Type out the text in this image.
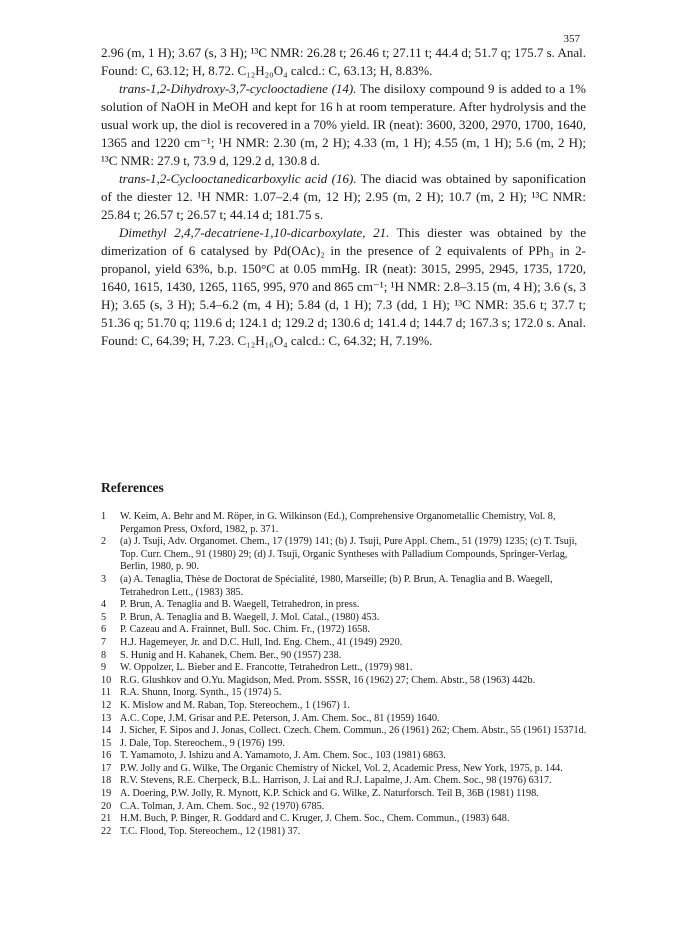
357

2.96 (m, 1 H); 3.67 (s, 3 H); ¹³C NMR: 26.28 t; 26.46 t; 27.11 t; 44.4 d; 51.7 q; 175.7 s. Anal. Found: C, 63.12; H, 8.72. C₁₂H₂₀O₄ calcd.: C, 63.13; H, 8.83%.

trans-1,2-Dihydroxy-3,7-cyclooctadiene (14). The disiloxy compound 9 is added to a 1% solution of NaOH in MeOH and kept for 16 h at room temperature. After hydrolysis and the usual work up, the diol is recovered in a 70% yield. IR (neat): 3600, 3200, 2970, 1700, 1640, 1365 and 1220 cm⁻¹; ¹H NMR: 2.30 (m, 2 H); 4.33 (m, 1 H); 4.55 (m, 1 H); 5.6 (m, 2 H); ¹³C NMR: 27.9 t, 73.9 d, 129.2 d, 130.8 d.

trans-1,2-Cyclooctanedicarboxylic acid (16). The diacid was obtained by saponification of the diester 12. ¹H NMR: 1.07–2.4 (m, 12 H); 2.95 (m, 2 H); 10.7 (m, 2 H); ¹³C NMR: 25.84 t; 26.57 t; 26.57 t; 44.14 d; 181.75 s.

Dimethyl 2,4,7-decatriene-1,10-dicarboxylate, 21. This diester was obtained by the dimerization of 6 catalysed by Pd(OAc)₂ in the presence of 2 equivalents of PPh₃ in 2-propanol, yield 63%, b.p. 150°C at 0.05 mmHg. IR (neat): 3015, 2995, 2945, 1735, 1720, 1640, 1615, 1430, 1265, 1165, 995, 970 and 865 cm⁻¹; ¹H NMR: 2.8–3.15 (m, 4 H); 3.6 (s, 3 H); 3.65 (s, 3 H); 5.4–6.2 (m, 4 H); 5.84 (d, 1 H); 7.3 (dd, 1 H); ¹³C NMR: 35.6 t; 37.7 t; 51.36 q; 51.70 q; 119.6 d; 124.1 d; 129.2 d; 130.6 d; 141.4 d; 144.7 d; 167.3 s; 172.0 s. Anal. Found: C, 64.39; H, 7.23. C₁₂H₁₆O₄ calcd.: C, 64.32; H, 7.19%.

References
1	W. Keim, A. Behr and M. Röper, in G. Wilkinson (Ed.), Comprehensive Organometallic Chemistry, Vol. 8, Pergamon Press, Oxford, 1982, p. 371.
2	(a) J. Tsuji, Adv. Organomet. Chem., 17 (1979) 141; (b) J. Tsuji, Pure Appl. Chem., 51 (1979) 1235; (c) T. Tsuji, Top. Curr. Chem., 91 (1980) 29; (d) J. Tsuji, Organic Syntheses with Palladium Compounds, Springer-Verlag, Berlin, 1980, p. 90.
3	(a) A. Tenaglia, Thèse de Doctorat de Spécialité, 1980, Marseille; (b) P. Brun, A. Tenaglia and B. Waegell, Tetrahedron Lett., (1983) 385.
4	P. Brun, A. Tenaglia and B. Waegell, Tetrahedron, in press.
5	P. Brun, A. Tenaglia and B. Waegell, J. Mol. Catal., (1980) 453.
6	P. Cazeau and A. Frainnet, Bull. Soc. Chim. Fr., (1972) 1658.
7	H.J. Hagemeyer, Jr. and D.C. Hull, Ind. Eng. Chem., 41 (1949) 2920.
8	S. Hunig and H. Kahanek, Chem. Ber., 90 (1957) 238.
9	W. Oppolzer, L. Bieber and E. Francotte, Tetrahedron Lett., (1979) 981.
10 R.G. Glushkov and O.Yu. Magidson, Med. Prom. SSSR, 16 (1962) 27; Chem. Abstr., 58 (1963) 442b.
11 R.A. Shunn, Inorg. Synth., 15 (1974) 5.
12 K. Mislow and M. Raban, Top. Stereochem., 1 (1967) 1.
13 A.C. Cope, J.M. Grisar and P.E. Peterson, J. Am. Chem. Soc., 81 (1959) 1640.
14 J. Sicher, F. Sipos and J. Jonas, Collect. Czech. Chem. Commun., 26 (1961) 262; Chem. Abstr., 55 (1961) 15371d.
15 J. Dale, Top. Stereochem., 9 (1976) 199.
16 T. Yamamoto, J. Ishizu and A. Yamamoto, J. Am. Chem. Soc., 103 (1981) 6863.
17 P.W. Jolly and G. Wilke, The Organic Chemistry of Nickel, Vol. 2, Academic Press, New York, 1975, p. 144.
18 R.V. Stevens, R.E. Cherpeck, B.L. Harrison, J. Lai and R.J. Lapalme, J. Am. Chem. Soc., 98 (1976) 6317.
19 A. Doering, P.W. Jolly, R. Mynott, K.P. Schick and G. Wilke, Z. Naturforsch. Teil B, 36B (1981) 1198.
20 C.A. Tolman, J. Am. Chem. Soc., 92 (1970) 6785.
21 H.M. Buch, P. Binger, R. Goddard and C. Kruger, J. Chem. Soc., Chem. Commun., (1983) 648.
22 T.C. Flood, Top. Stereochem., 12 (1981) 37.
